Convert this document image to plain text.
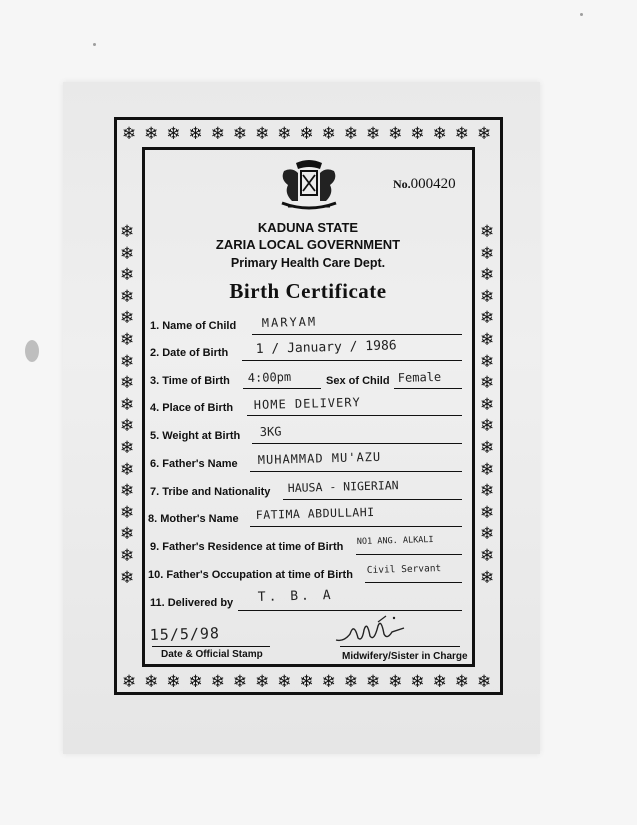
❄ ❄ ❄ ❄ ❄ ❄ ❄ ❄ ❄ ❄ ❄ ❄ ❄ ❄ ❄ ❄ ❄
❄ ❄ ❄ ❄ ❄ ❄ ❄ ❄ ❄ ❄ ❄ ❄ ❄ ❄ ❄ ❄ ❄
❄
❄
❄
❄
❄
❄
❄
❄
❄
❄
❄
❄
❄
❄
❄
❄
❄
❄
❄
❄
❄
❄
❄
❄
❄
❄
❄
❄
❄
❄
❄
❄
❄
❄
No.000420
KADUNA STATE
ZARIA LOCAL GOVERNMENT
Primary Health Care Dept.
Birth Certificate
1. Name of Child MARYAM
2. Date of Birth 1 / January / 1986
3. Time of Birth 4:00pm	Sex of Child Female
4. Place of Birth HOME DELIVERY
5. Weight at Birth 3KG
6. Father's Name MUHAMMAD MU'AZU
7. Tribe and Nationality HAUSA - NIGERIAN
8. Mother's Name FATIMA ABDULLAHI
9. Father's Residence at time of Birth NO1 ANG. ALKALI
10. Father's Occupation at time of Birth Civil Servant
11. Delivered by T. B. A
15/5/98
Date & Official Stamp	Midwifery/Sister in Charge
